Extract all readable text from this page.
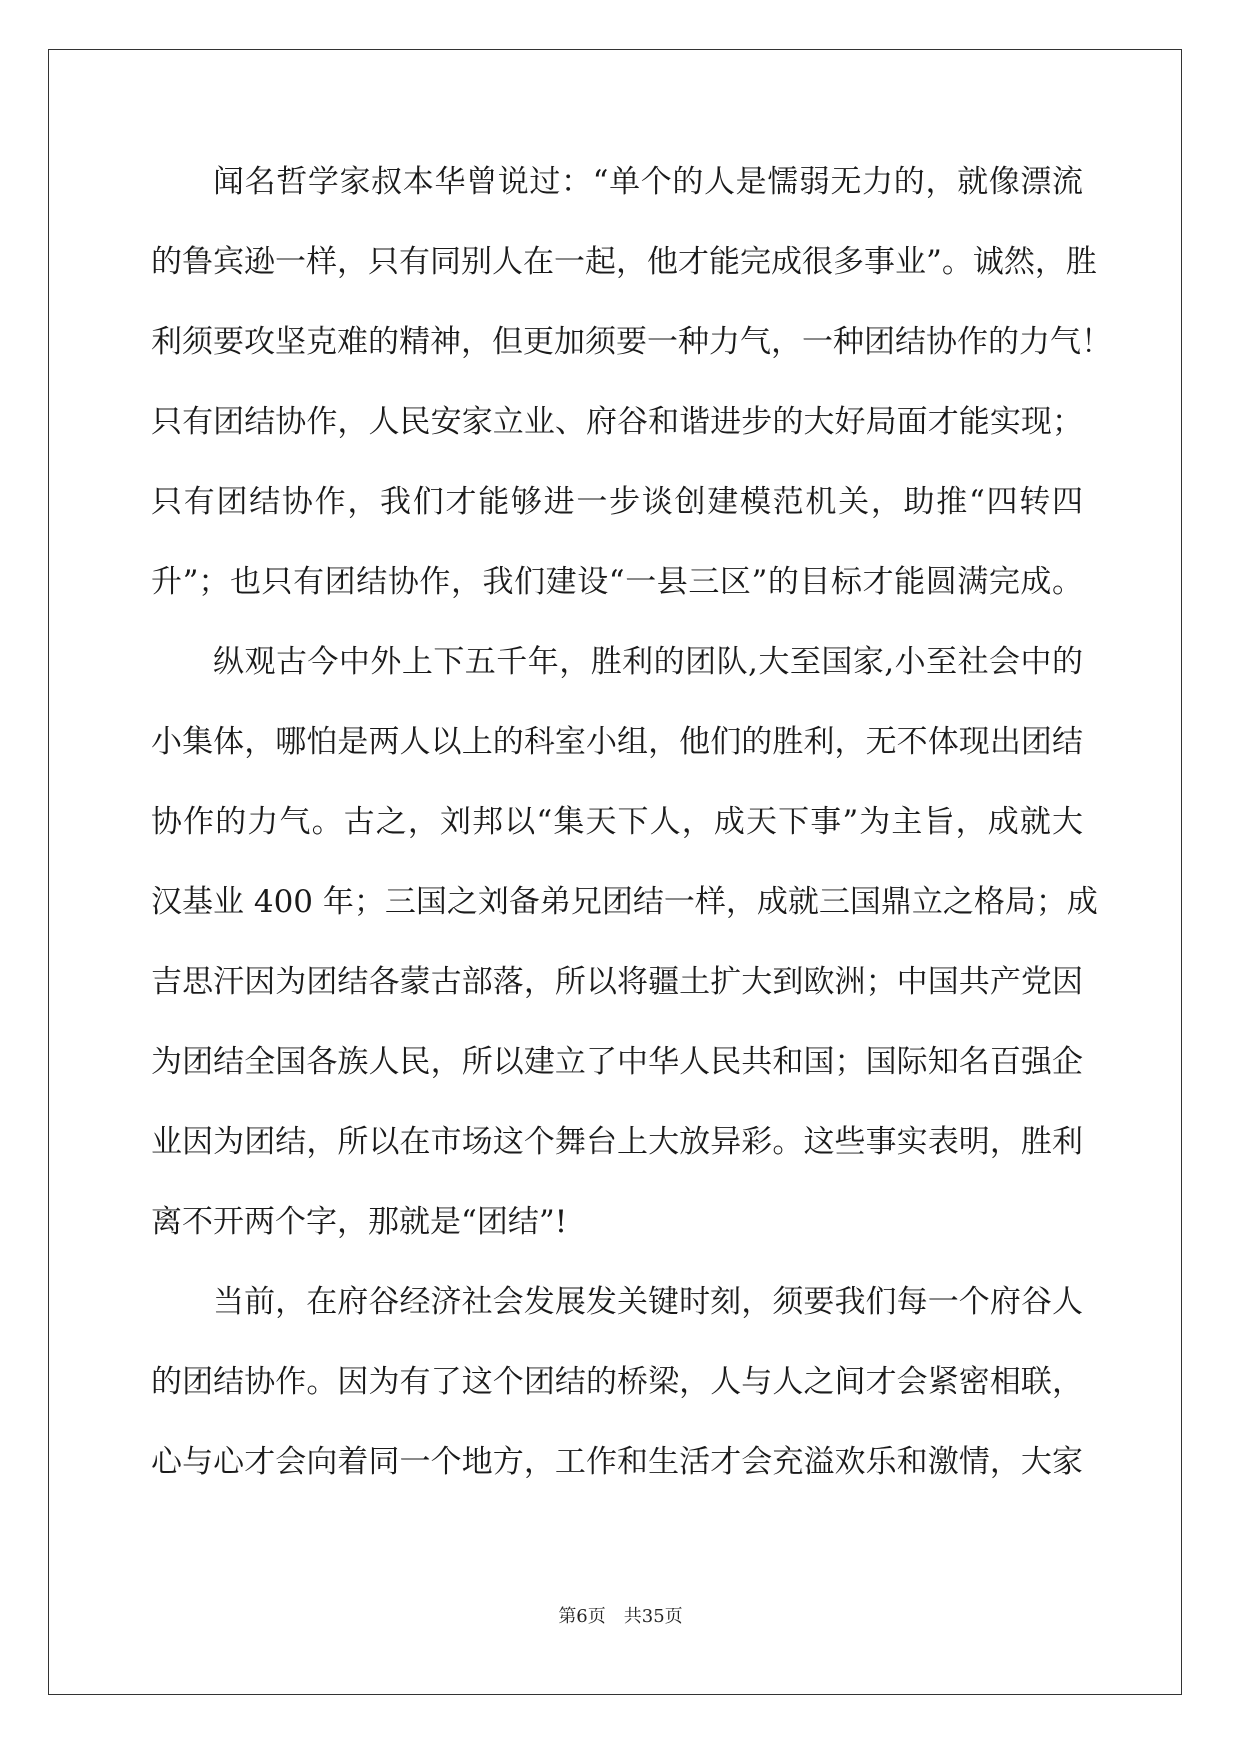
闻名哲学家叔本华曾说过：“单个的人是懦弱无力的，就像漂流
的鲁宾逊一样，只有同别人在一起，他才能完成很多事业”。诚然，胜
利须要攻坚克难的精神，但更加须要一种力气，一种团结协作的力气！
只有团结协作，人民安家立业、府谷和谐进步的大好局面才能实现；
只有团结协作，我们才能够进一步谈创建模范机关，助推“四转四
升”；也只有团结协作，我们建设“一县三区”的目标才能圆满完成。
纵观古今中外上下五千年，胜利的团队,大至国家,小至社会中的
小集体，哪怕是两人以上的科室小组，他们的胜利，无不体现出团结
协作的力气。古之，刘邦以“集天下人，成天下事”为主旨，成就大
汉基业 400 年；三国之刘备弟兄团结一样，成就三国鼎立之格局；成
吉思汗因为团结各蒙古部落，所以将疆土扩大到欧洲；中国共产党因
为团结全国各族人民，所以建立了中华人民共和国；国际知名百强企
业因为团结，所以在市场这个舞台上大放异彩。这些事实表明，胜利
离不开两个字，那就是“团结”!
当前，在府谷经济社会发展发关键时刻，须要我们每一个府谷人
的团结协作。因为有了这个团结的桥梁，人与人之间才会紧密相联，
心与心才会向着同一个地方，工作和生活才会充溢欢乐和激情，大家
第6页 共35页
